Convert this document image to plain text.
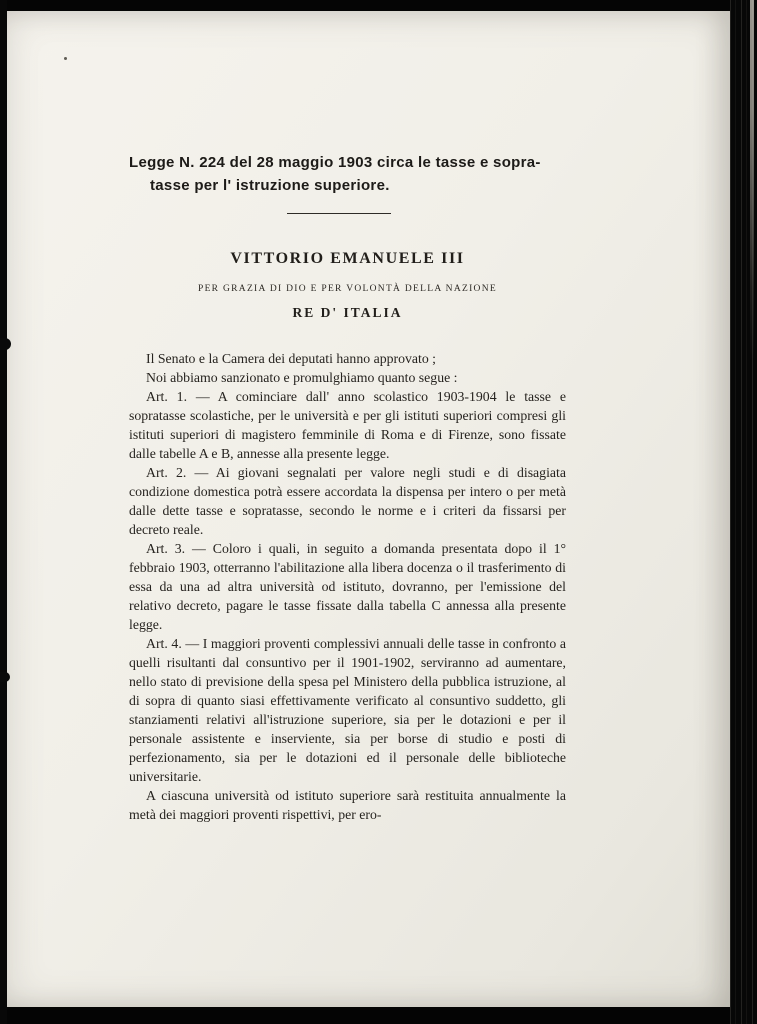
Legge N. 224 del 28 maggio 1903 circa le tasse e sopra-
tasse per l' istruzione superiore.
VITTORIO EMANUELE III
PER GRAZIA DI DIO E PER VOLONTÀ DELLA NAZIONE
RE D' ITALIA

Il Senato e la Camera dei deputati hanno approvato ;

Noi abbiamo sanzionato e promulghiamo quanto segue :

Art. 1. — A cominciare dall' anno scolastico 1903-1904 le tasse e sopratasse scolastiche, per le università e per gli istituti superiori compresi gli istituti superiori di magistero femminile di Roma e di Firenze, sono fissate dalle tabelle A e B, annesse alla presente legge.

Art. 2. — Ai giovani segnalati per valore negli studi e di disagiata condizione domestica potrà essere accordata la dispensa per intero o per metà dalle dette tasse e sopratasse, secondo le norme e i criteri da fissarsi per decreto reale.

Art. 3. — Coloro i quali, in seguito a domanda presentata dopo il 1° febbraio 1903, otterranno l'abilitazione alla libera docenza o il trasferimento di essa da una ad altra università od istituto, dovranno, per l'emissione del relativo decreto, pagare le tasse fissate dalla tabella C annessa alla presente legge.

Art. 4. — I maggiori proventi complessivi annuali delle tasse in confronto a quelli risultanti dal consuntivo per il 1901-1902, serviranno ad aumentare, nello stato di previsione della spesa pel Ministero della pubblica istruzione, al di sopra di quanto siasi effettivamente verificato al consuntivo suddetto, gli stanziamenti relativi all'istruzione superiore, sia per le dotazioni e per il personale assistente e inserviente, sia per borse di studio e posti di perfezionamento, sia per le dotazioni ed il personale delle biblioteche universitarie.

A ciascuna università od istituto superiore sarà restituita annualmente la metà dei maggiori proventi rispettivi, per ero-
